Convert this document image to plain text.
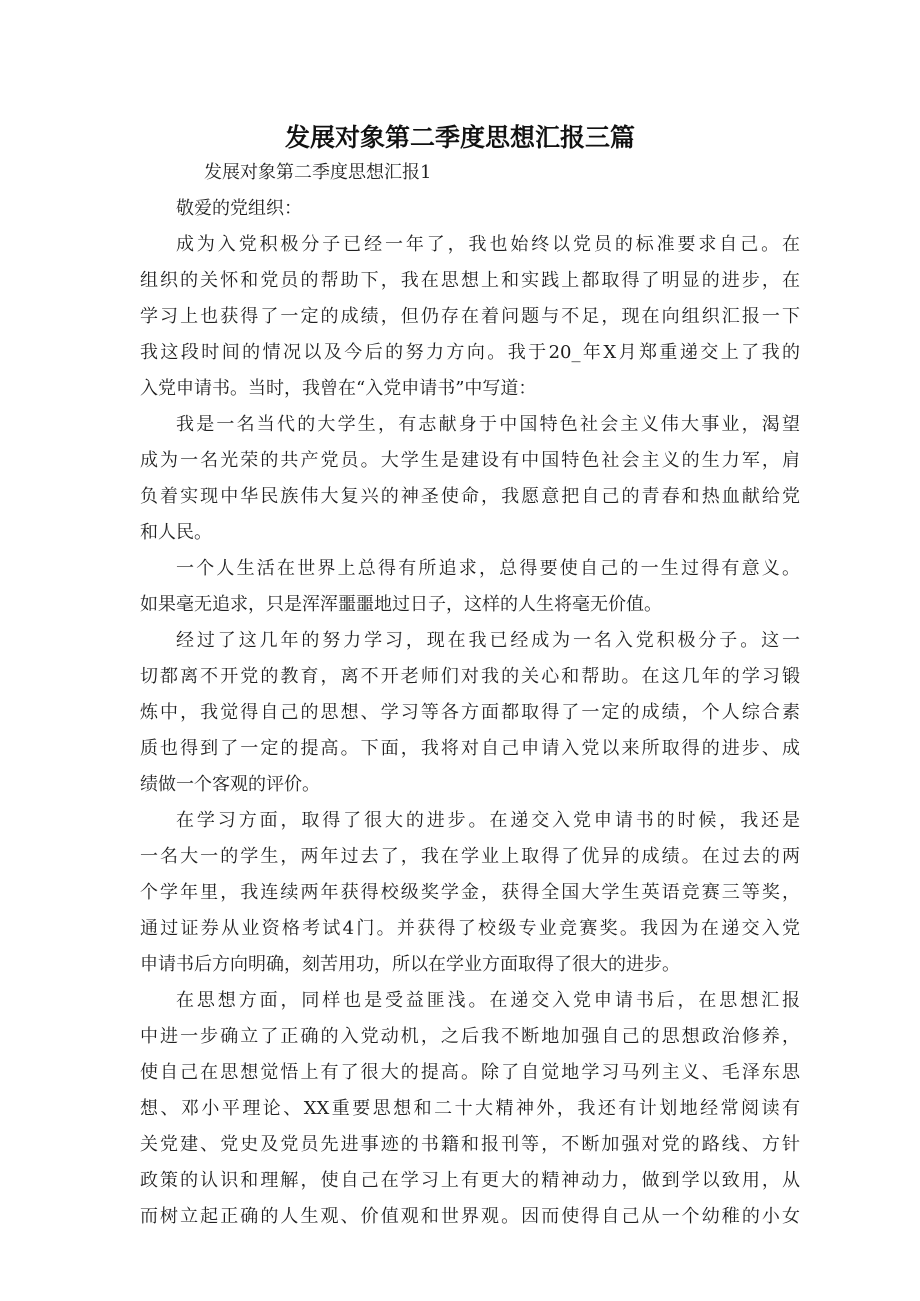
发展对象第二季度思想汇报三篇
发展对象第二季度思想汇报1
敬爱的党组织：
成为入党积极分子已经一年了，我也始终以党员的标准要求自己。在
组织的关怀和党员的帮助下，我在思想上和实践上都取得了明显的进步，在
学习上也获得了一定的成绩，但仍存在着问题与不足，现在向组织汇报一下
我这段时间的情况以及今后的努力方向。我于20_年X月郑重递交上了我的
入党申请书。当时，我曾在“入党申请书”中写道：
我是一名当代的大学生，有志献身于中国特色社会主义伟大事业，渴望
成为一名光荣的共产党员。大学生是建设有中国特色社会主义的生力军，肩
负着实现中华民族伟大复兴的神圣使命，我愿意把自己的青春和热血献给党
和人民。
一个人生活在世界上总得有所追求，总得要使自己的一生过得有意义。
如果毫无追求，只是浑浑噩噩地过日子，这样的人生将毫无价值。
经过了这几年的努力学习，现在我已经成为一名入党积极分子。这一
切都离不开党的教育，离不开老师们对我的关心和帮助。在这几年的学习锻
炼中，我觉得自己的思想、学习等各方面都取得了一定的成绩，个人综合素
质也得到了一定的提高。下面，我将对自己申请入党以来所取得的进步、成
绩做一个客观的评价。
在学习方面，取得了很大的进步。在递交入党申请书的时候，我还是
一名大一的学生，两年过去了，我在学业上取得了优异的成绩。在过去的两
个学年里，我连续两年获得校级奖学金，获得全国大学生英语竞赛三等奖，
通过证券从业资格考试4门。并获得了校级专业竞赛奖。我因为在递交入党
申请书后方向明确，刻苦用功，所以在学业方面取得了很大的进步。
在思想方面，同样也是受益匪浅。在递交入党申请书后，在思想汇报
中进一步确立了正确的入党动机，之后我不断地加强自己的思想政治修养，
使自己在思想觉悟上有了很大的提高。除了自觉地学习马列主义、毛泽东思
想、邓小平理论、XX重要思想和二十大精神外，我还有计划地经常阅读有
关党建、党史及党员先进事迹的书籍和报刊等，不断加强对党的路线、方针
政策的认识和理解，使自己在学习上有更大的精神动力，做到学以致用，从
而树立起正确的人生观、价值观和世界观。因而使得自己从一个幼稚的小女
